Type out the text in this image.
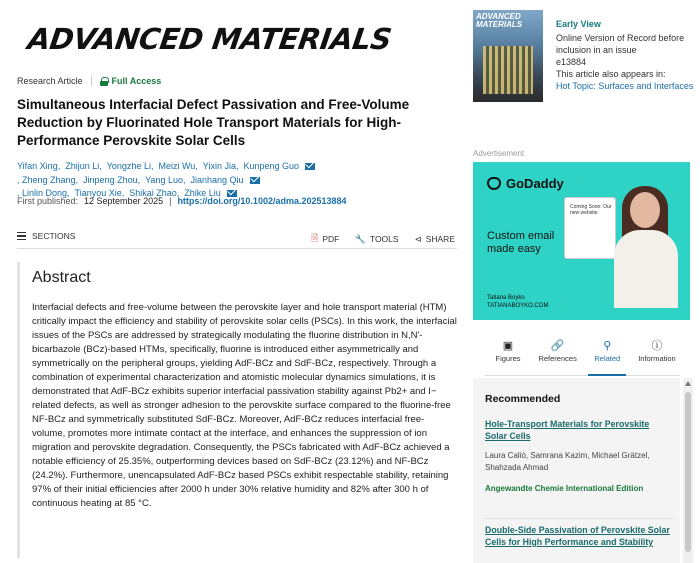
ADVANCED MATERIALS
Research Article	Full Access
Simultaneous Interfacial Defect Passivation and Free-Volume Reduction by Fluorinated Hole Transport Materials for High-Performance Perovskite Solar Cells
Yifan Xing, Zhijun Li, Yongzhe Li, Meizi Wu, Yixin Jia, Kunpeng Guo, Zheng Zhang, Jinpeng Zhou, Yang Luo, Jianhang Qiu, Linlin Dong, Tianyou Xie, Shikai Zhao, Zhike Liu
First published: 12 September 2025 | https://doi.org/10.1002/adma.202513884
SECTIONS	🗎 PDF 🔧 TOOLS ⊲ SHARE
Abstract

Interfacial defects and free-volume between the perovskite layer and hole transport material (HTM) critically impact the efficiency and stability of perovskite solar cells (PSCs). In this work, the interfacial issues of the PSCs are addressed by strategically modulating the fluorine distribution in N,N'-bicarbazole (BCz)-based HTMs, specifically, fluorine is introduced either asymmetrically and symmetrically on the peripheral groups, yielding AdF-BCz and SdF-BCz, respectively. Through a combination of experimental characterization and atomistic molecular dynamics simulations, it is demonstrated that AdF-BCz exhibits superior interfacial passivation stability against Pb2+ and I− related defects, as well as stronger adhesion to the perovskite surface compared to the fluorine-free NF-BCz and symmetrically substituted SdF-BCz. Moreover, AdF-BCz reduces interfacial free-volume, promotes more intimate contact at the interface, and enhances the suppression of ion migration and perovskite degradation. Consequently, the PSCs fabricated with AdF-BCz achieved a notable efficiency of 25.35%, outperforming devices based on SdF-BCz (23.12%) and NF-BCz (24.2%). Furthermore, unencapsulated AdF-BCz based PSCs exhibit respectable stability, retaining 97% of their initial efficiencies after 2000 h under 30% relative humidity and 82% after 300 h of continuous heating at 85 °C.

ADVANCED MATERIALS	Early View
Online Version of Record before inclusion in an issue
e13884
This article also appears in:
Hot Topic: Surfaces and Interfaces
Advertisement
GoDaddy
Custom email made easy
Coming Soon: Our new website.
Tatiana Boyko
TATIANABOYKO.COM
▣
Figures
🔗
References
⚲
Related
ⓘ
Information
Recommended
Hole-Transport Materials for Perovskite Solar Cells
Laura Caliò, Samrana Kazim, Michael Grätzel, Shahzada Ahmad
Angewandte Chemie International Edition
Double-Side Passivation of Perovskite Solar Cells for High Performance and Stability
